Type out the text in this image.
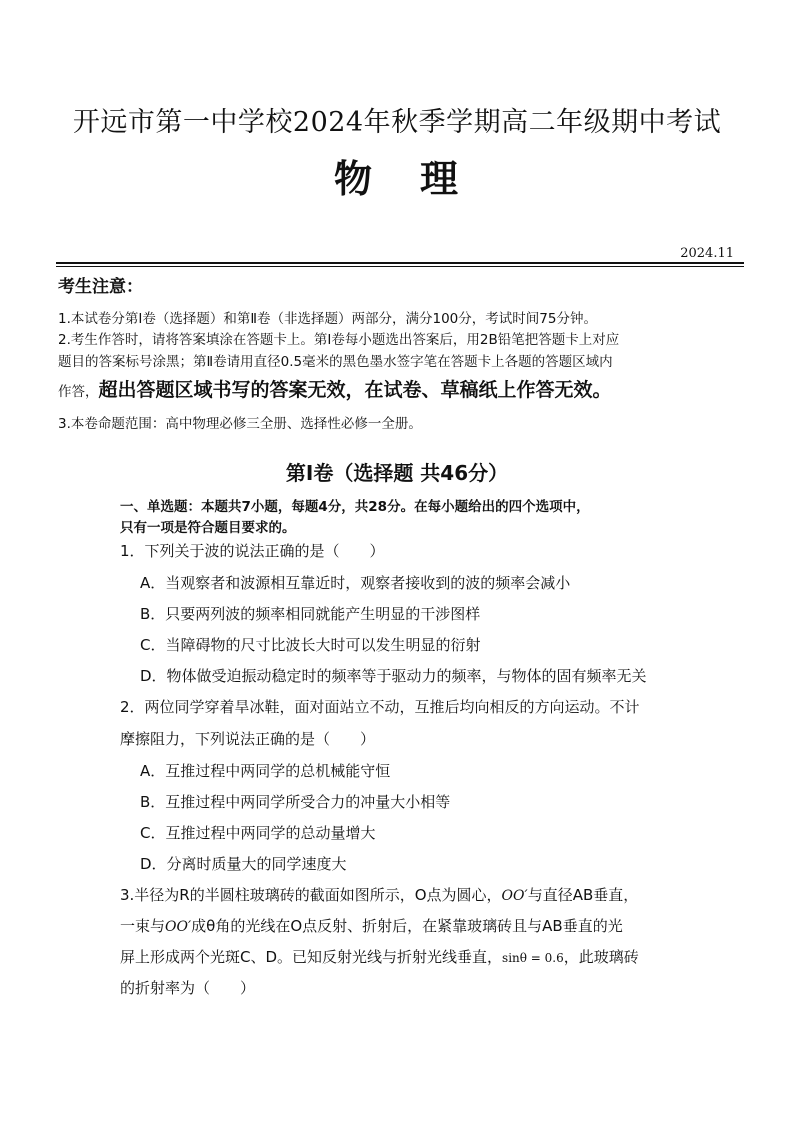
开远市第一中学校2024年秋季学期高二年级期中考试
物 理
2024.11
考生注意：
1.本试卷分第Ⅰ卷（选择题）和第Ⅱ卷（非选择题）两部分，满分100分，考试时间75分钟。
2.考生作答时，请将答案填涂在答题卡上。第Ⅰ卷每小题选出答案后，用2B铅笔把答题卡上对应
题目的答案标号涂黑；第Ⅱ卷请用直径0.5毫米的黑色墨水签字笔在答题卡上各题的答题区域内
作答，超出答题区域书写的答案无效，在试卷、草稿纸上作答无效。
3.本卷命题范围：高中物理必修三全册、选择性必修一全册。
第Ⅰ卷（选择题 共46分）
一、单选题：本题共7小题，每题4分，共28分。在每小题给出的四个选项中，
只有一项是符合题目要求的。
1．下列关于波的说法正确的是（　　）
A．当观察者和波源相互靠近时，观察者接收到的波的频率会减小
B．只要两列波的频率相同就能产生明显的干涉图样
C．当障碍物的尺寸比波长大时可以发生明显的衍射
D．物体做受迫振动稳定时的频率等于驱动力的频率，与物体的固有频率无关
2．两位同学穿着旱冰鞋，面对面站立不动，互推后均向相反的方向运动。不计
摩擦阻力，下列说法正确的是（　　）
A．互推过程中两同学的总机械能守恒
B．互推过程中两同学所受合力的冲量大小相等
C．互推过程中两同学的总动量增大
D．分离时质量大的同学速度大
3.半径为R的半圆柱玻璃砖的截面如图所示，O点为圆心，OO′与直径AB垂直，
一束与OO′成θ角的光线在O点反射、折射后，在紧靠玻璃砖且与AB垂直的光
屏上形成两个光斑C、D。已知反射光线与折射光线垂直，sinθ = 0.6，此玻璃砖
的折射率为（　　）
